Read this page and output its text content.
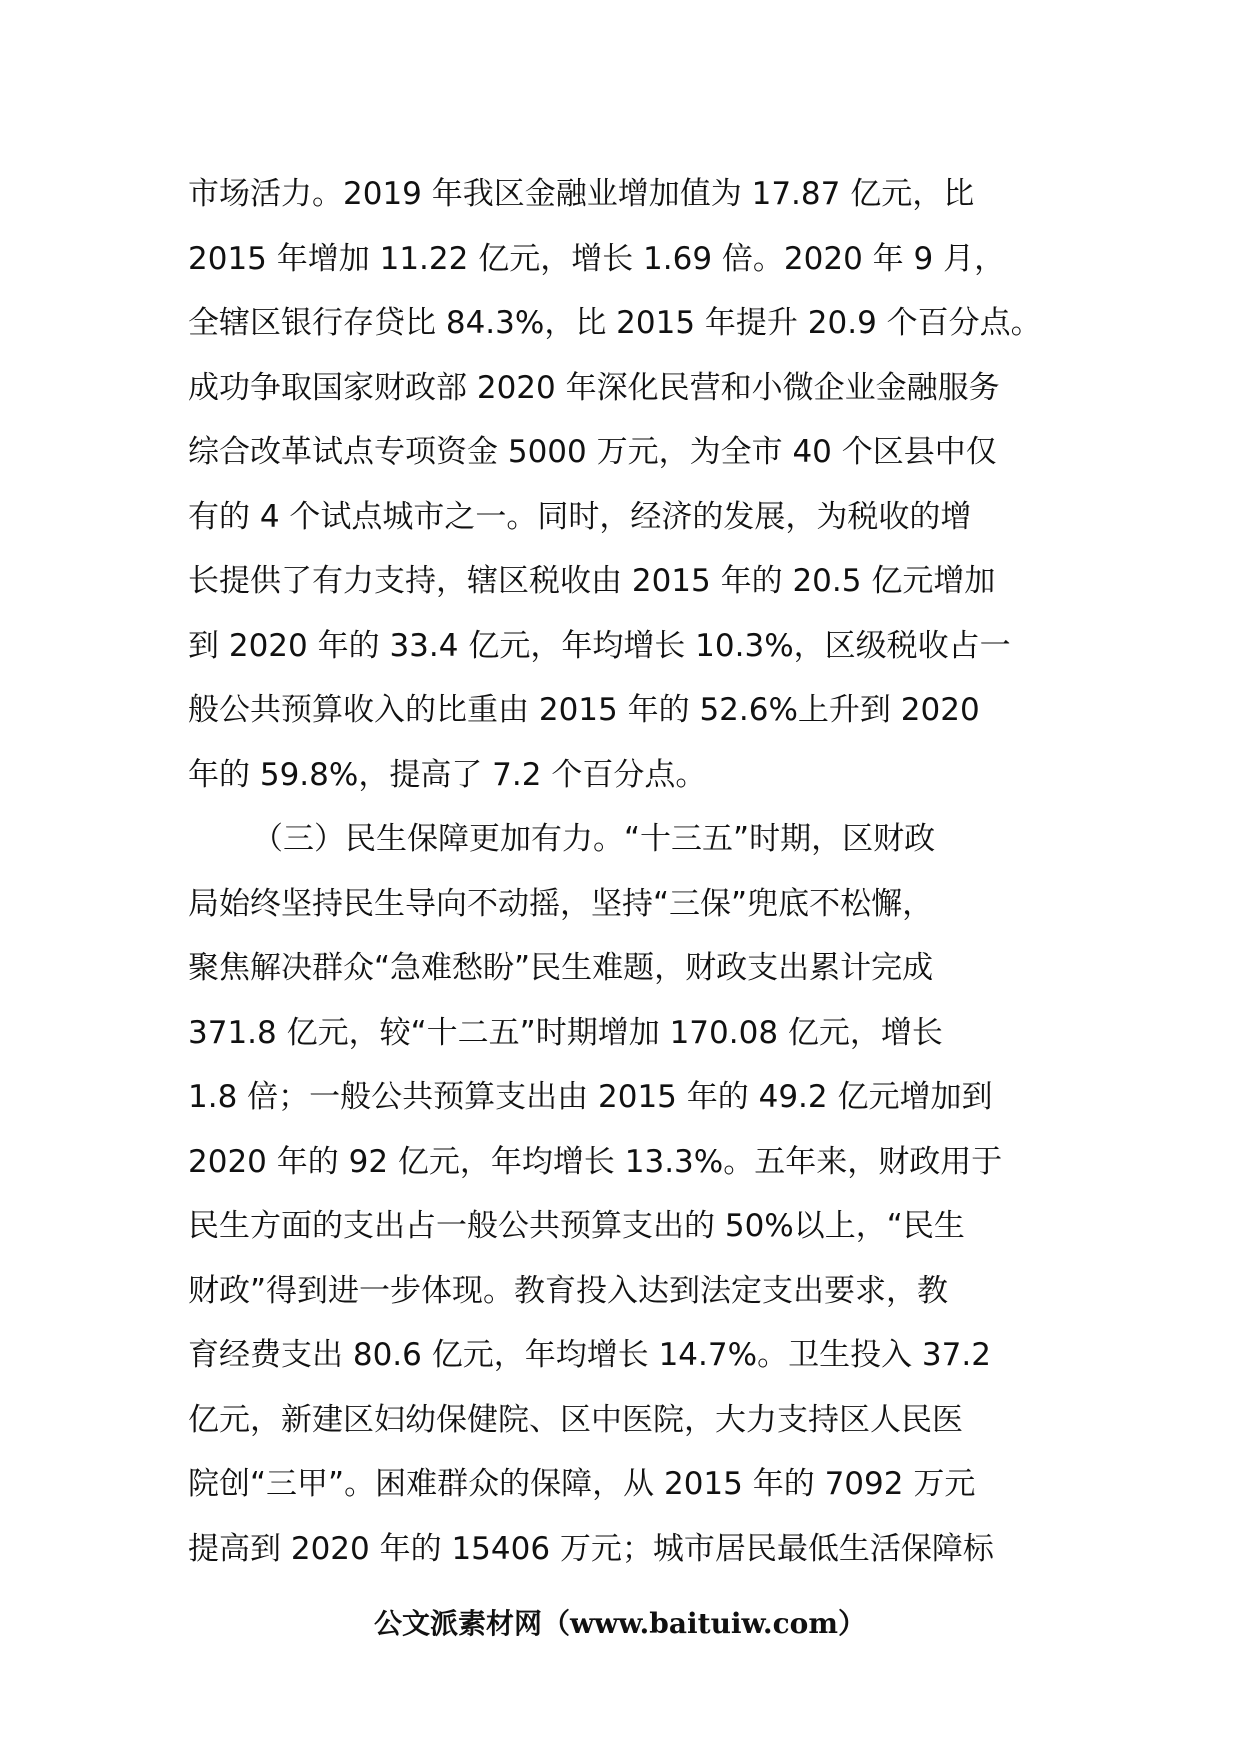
市场活力。2019 年我区金融业增加值为 17.87 亿元，比
2015 年增加 11.22 亿元，增长 1.69 倍。2020 年 9 月，
全辖区银行存贷比 84.3%，比 2015 年提升 20.9 个百分点。
成功争取国家财政部 2020 年深化民营和小微企业金融服务
综合改革试点专项资金 5000 万元，为全市 40 个区县中仅
有的 4 个试点城市之一。同时，经济的发展，为税收的增
长提供了有力支持，辖区税收由 2015 年的 20.5 亿元增加
到 2020 年的 33.4 亿元，年均增长 10.3%，区级税收占一
般公共预算收入的比重由 2015 年的 52.6%上升到 2020
年的 59.8%，提高了 7.2 个百分点。
（三）民生保障更加有力。“十三五”时期，区财政
局始终坚持民生导向不动摇，坚持“三保”兜底不松懈，
聚焦解决群众“急难愁盼”民生难题，财政支出累计完成
371.8 亿元，较“十二五”时期增加 170.08 亿元，增长
1.8 倍；一般公共预算支出由 2015 年的 49.2 亿元增加到
2020 年的 92 亿元，年均增长 13.3%。五年来，财政用于
民生方面的支出占一般公共预算支出的 50%以上，“民生
财政”得到进一步体现。教育投入达到法定支出要求，教
育经费支出 80.6 亿元，年均增长 14.7%。卫生投入 37.2
亿元，新建区妇幼保健院、区中医院，大力支持区人民医
院创“三甲”。困难群众的保障，从 2015 年的 7092 万元
提高到 2020 年的 15406 万元；城市居民最低生活保障标
公文派素材网（www.baituiw.com）
